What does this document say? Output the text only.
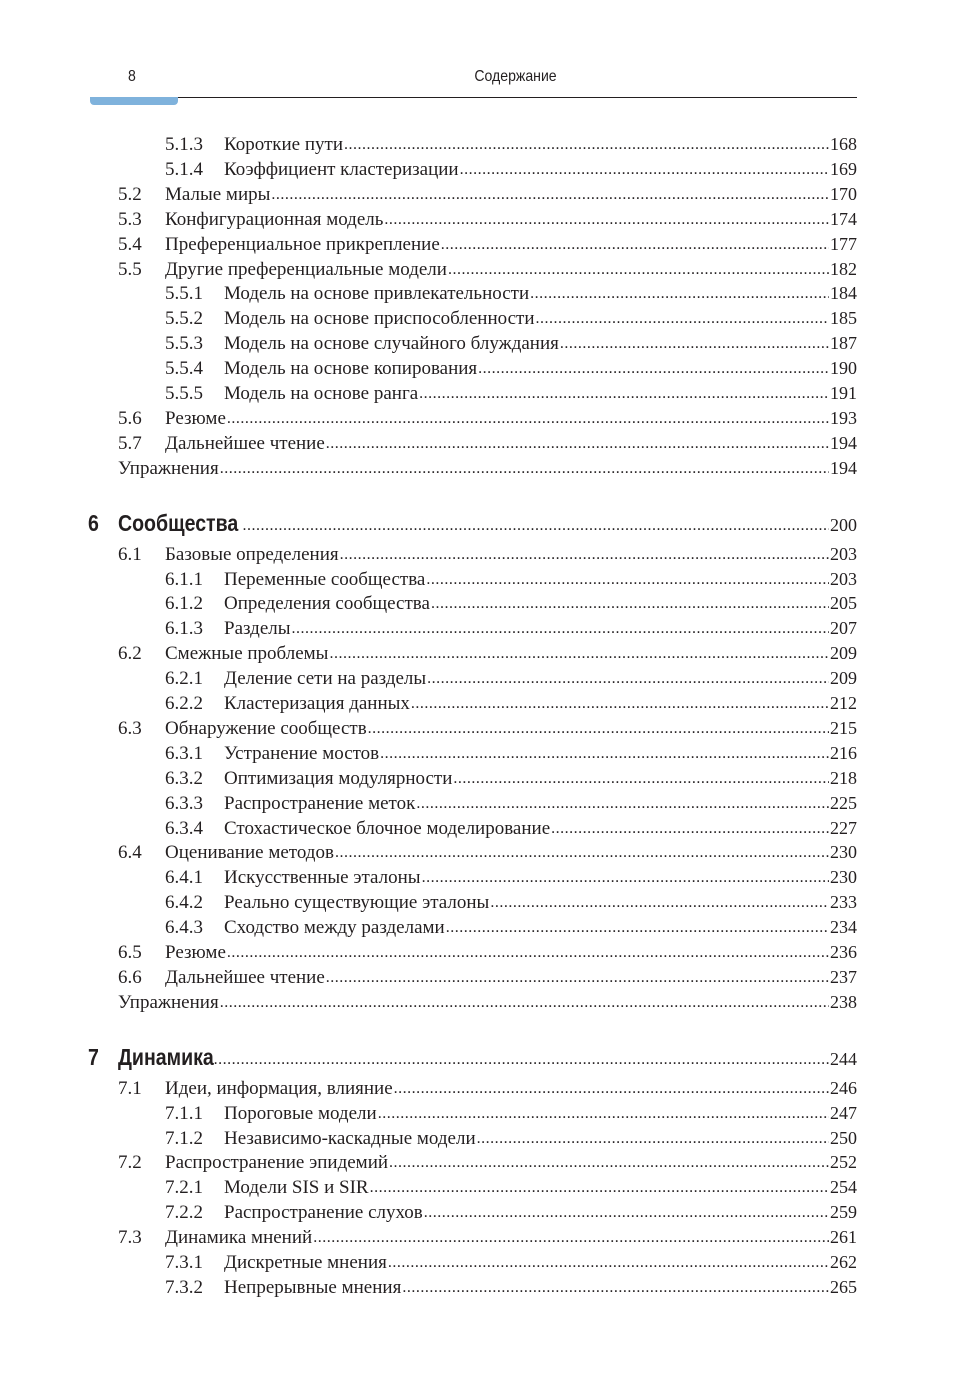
8	Содержание
5.1.3 Короткие пути .....	168
5.1.4 Коэффициент кластеризации .....	169
5.2 Малые миры .....	170
5.3 Конфигурационная модель .....	174
5.4 Преференциальное прикрепление .....	177
5.5 Другие преференциальные модели .....	182
5.5.1 Модель на основе привлекательности .....	184
5.5.2 Модель на основе приспособленности .....	185
5.5.3 Модель на основе случайного блуждания .....	187
5.5.4 Модель на основе копирования .....	190
5.5.5 Модель на основе ранга .....	191
5.6 Резюме .....	193
5.7 Дальнейшее чтение .....	194
Упражнения .....	194
6 Сообщества .....	200
6.1 Базовые определения .....	203
6.1.1 Переменные сообщества .....	203
6.1.2 Определения сообщества .....	205
6.1.3 Разделы .....	207
6.2 Смежные проблемы .....	209
6.2.1 Деление сети на разделы .....	209
6.2.2 Кластеризация данных .....	212
6.3 Обнаружение сообществ .....	215
6.3.1 Устранение мостов .....	216
6.3.2 Оптимизация модулярности .....	218
6.3.3 Распространение меток .....	225
6.3.4 Стохастическое блочное моделирование .....	227
6.4 Оценивание методов .....	230
6.4.1 Искусственные эталоны .....	230
6.4.2 Реально существующие эталоны .....	233
6.4.3 Сходство между разделами .....	234
6.5 Резюме .....	236
6.6 Дальнейшее чтение .....	237
Упражнения .....	238
7 Динамика .....	244
7.1 Идеи, информация, влияние .....	246
7.1.1 Пороговые модели .....	247
7.1.2 Независимо-каскадные модели .....	250
7.2 Распространение эпидемий .....	252
7.2.1 Модели SIS и SIR .....	254
7.2.2 Распространение слухов .....	259
7.3 Динамика мнений .....	261
7.3.1 Дискретные мнения .....	262
7.3.2 Непрерывные мнения .....	265
